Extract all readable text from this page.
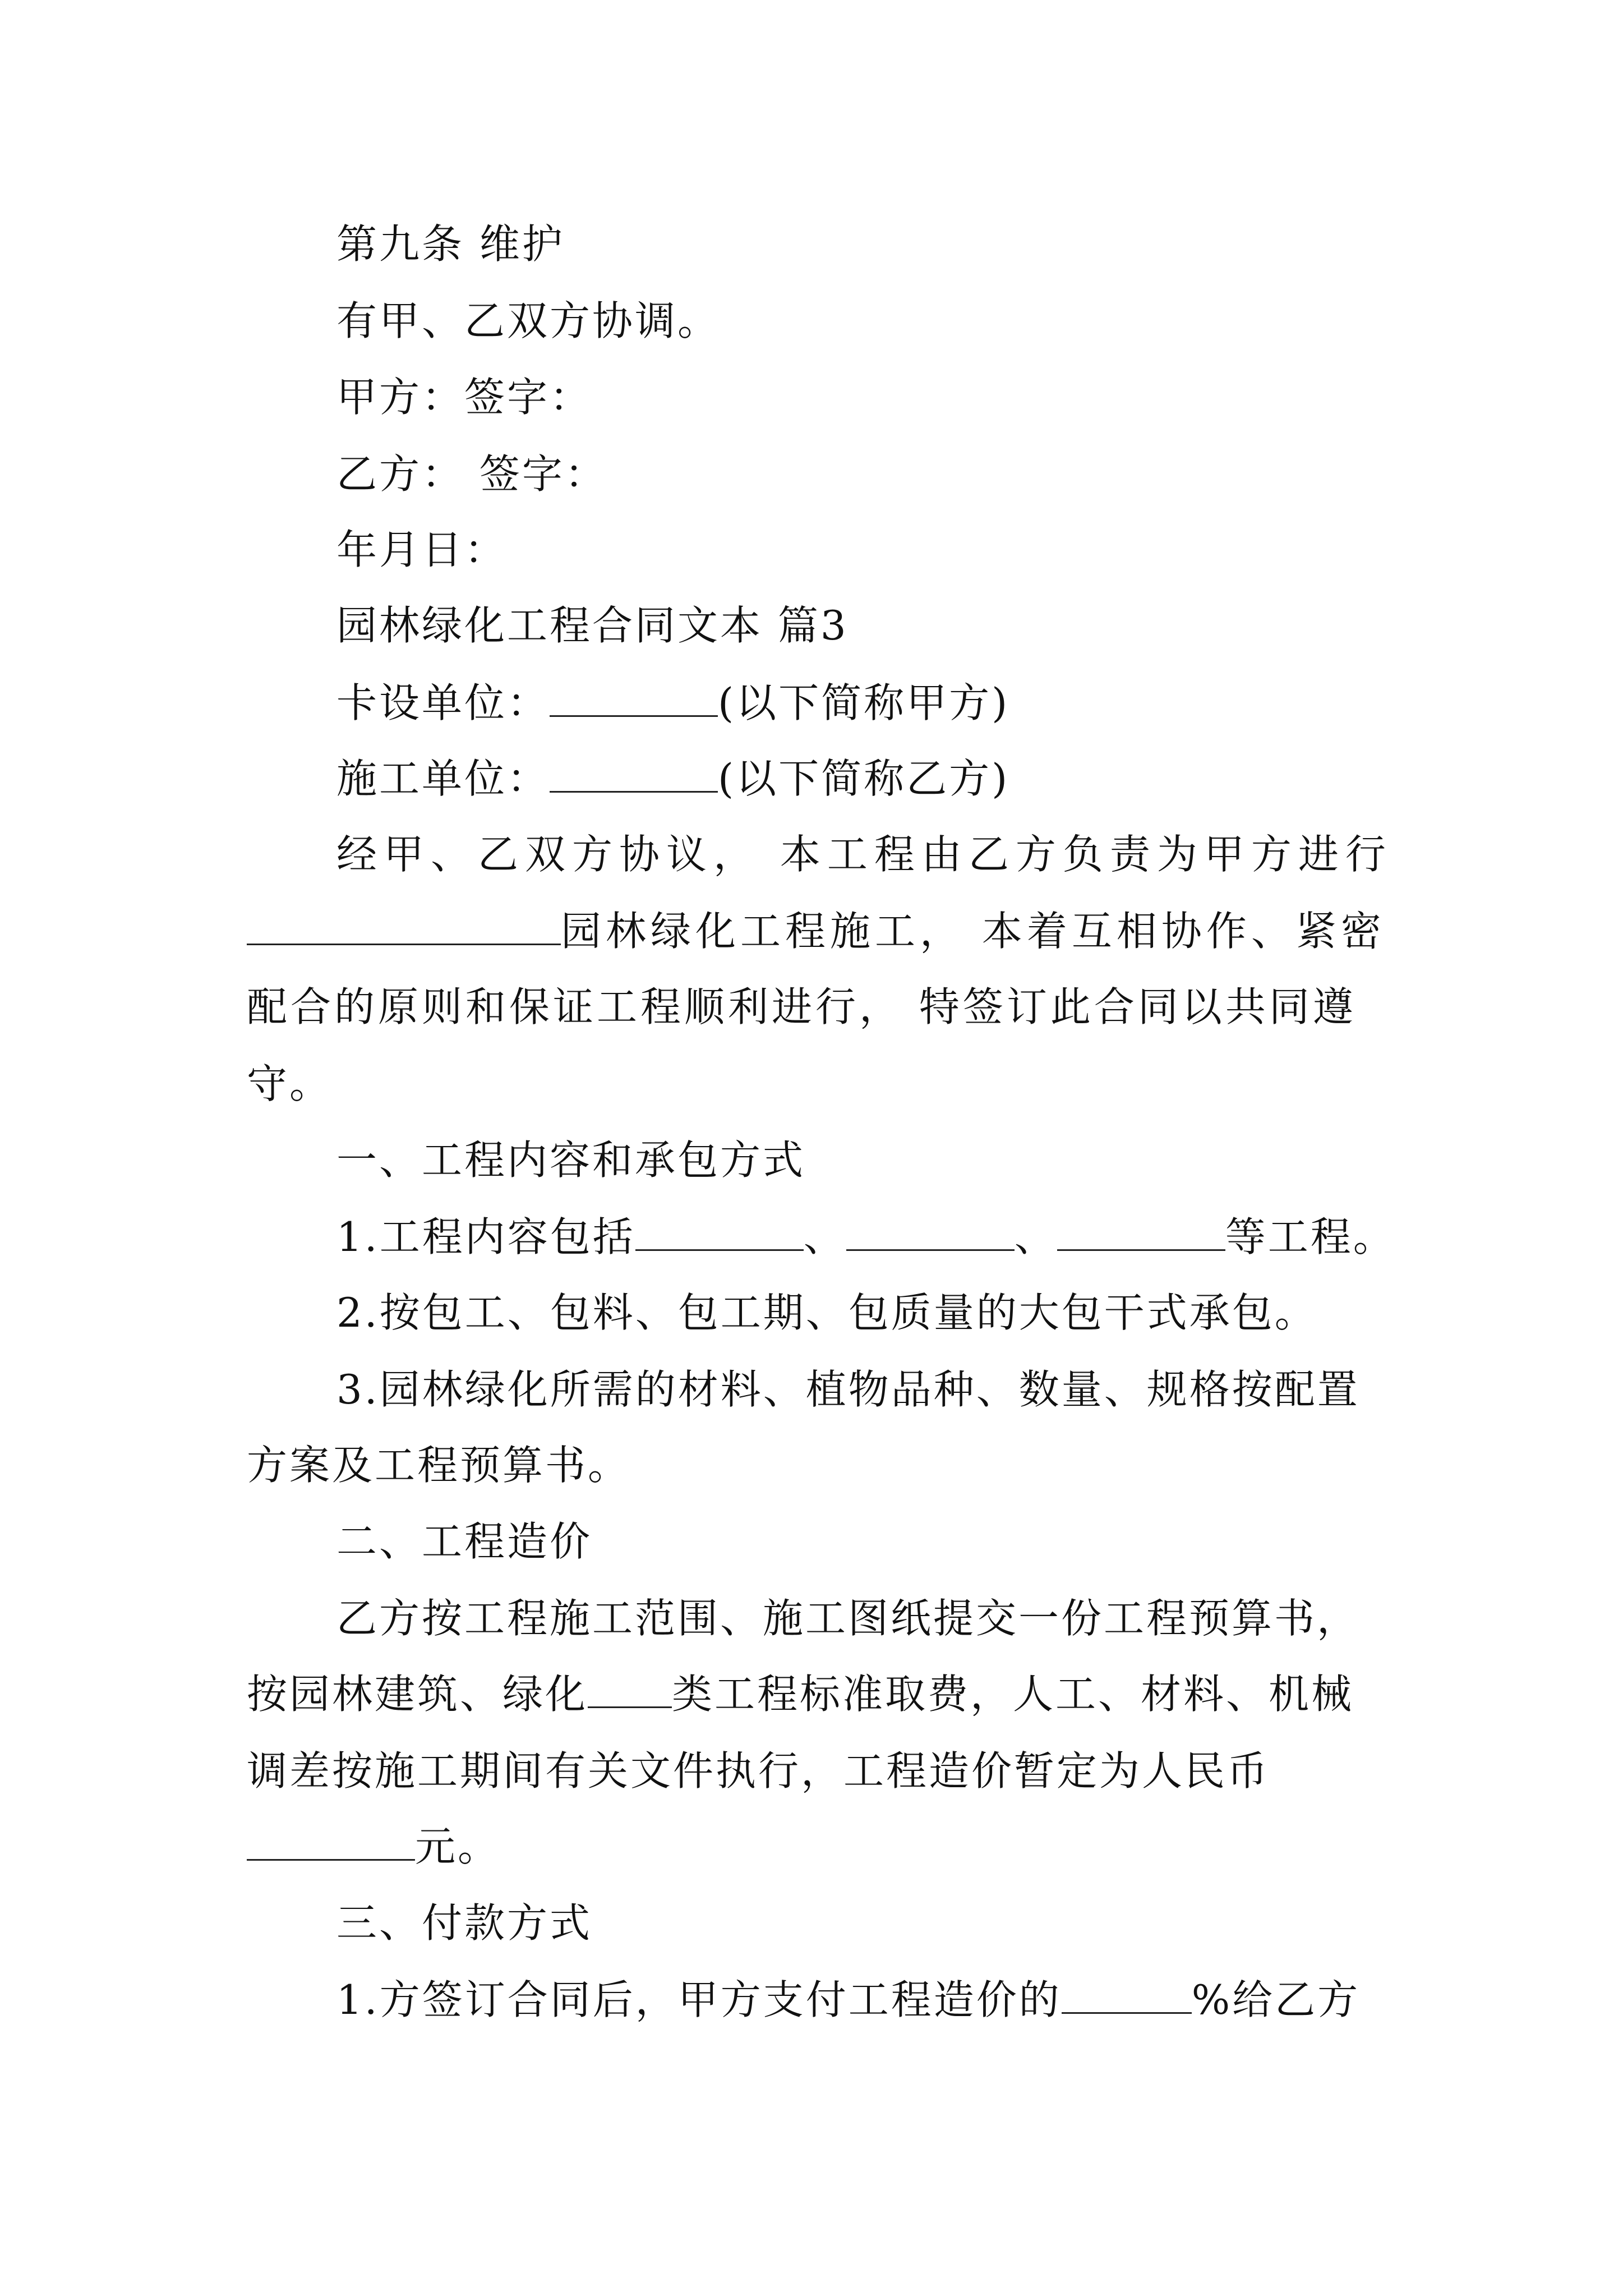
第九条 维护
有甲、乙双方协调。
甲方：签字：
乙方： 签字：
年月日：
园林绿化工程合同文本 篇3
卡设单位：	(以下简称甲方)
施工单位：	(以下简称乙方)
经甲、乙双方协议， 本工程由乙方负责为甲方进行
园林绿化工程施工， 本着互相协作、紧密
配合的原则和保证工程顺利进行， 特签订此合同以共同遵
守。
一、工程内容和承包方式
1.工程内容包括	、	、	等工程。
2.按包工、包料、包工期、包质量的大包干式承包。
3.园林绿化所需的材料、植物品种、数量、规格按配置
方案及工程预算书。
二、工程造价
乙方按工程施工范围、施工图纸提交一份工程预算书，
按园林建筑、绿化 类工程标准取费，人工、材料、机械
调差按施工期间有关文件执行，工程造价暂定为人民币
元。
三、付款方式
1.方签订合同后，甲方支付工程造价的	%给乙方
